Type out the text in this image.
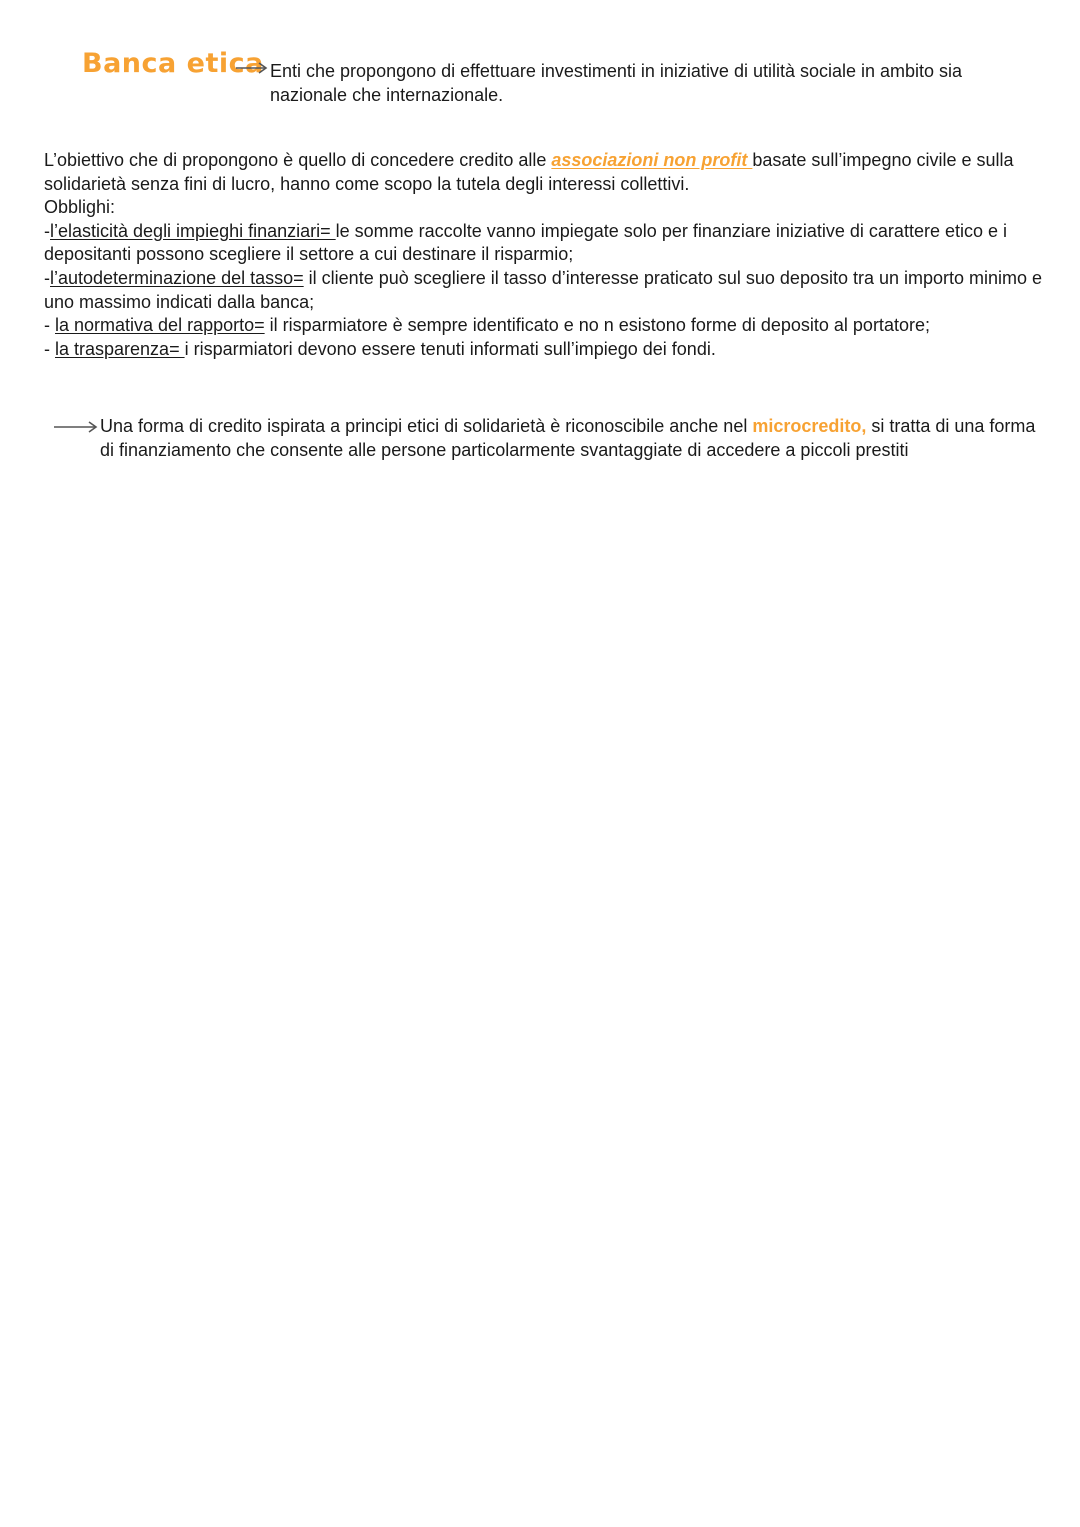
Banca etica Enti che propongono di effettuare investimenti in iniziative di utilità sociale in ambito sia nazionale che internazionale.

L’obiettivo che di propongono è quello di concedere credito alle associazioni non profit basate sull’impegno civile e sulla solidarietà senza fini di lucro, hanno come scopo la tutela degli interessi collettivi.

Obblighi:

-l’elasticità degli impieghi finanziari= le somme raccolte vanno impiegate solo per finanziare iniziative di carattere etico e i depositanti possono scegliere il settore a cui destinare il risparmio;

-l’autodeterminazione del tasso= il cliente può scegliere il tasso d’interesse praticato sul suo deposito tra un importo minimo e uno massimo indicati dalla banca;

- la normativa del rapporto= il risparmiatore è sempre identificato e no n esistono forme di deposito al portatore;

- la trasparenza= i risparmiatori devono essere tenuti informati sull’impiego dei fondi.

Una forma di credito ispirata a principi etici di solidarietà è riconoscibile anche nel microcredito, si tratta di una forma di finanziamento che consente alle persone particolarmente svantaggiate di accedere a piccoli prestiti
